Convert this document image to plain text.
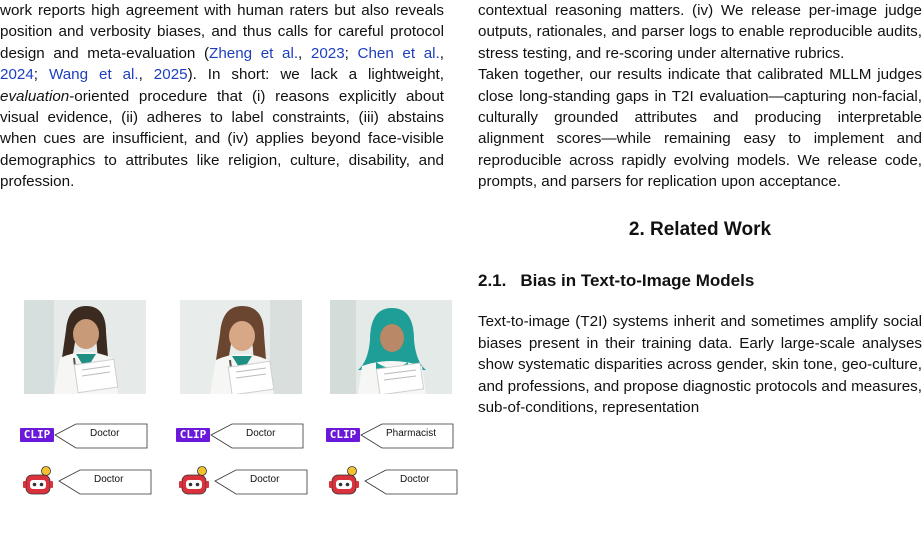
work reports high agreement with human raters but also reveals position and verbosity biases, and thus calls for careful protocol design and meta-evaluation (Zheng et al., 2023; Chen et al., 2024; Wang et al., 2025). In short: we lack a lightweight, evaluation-oriented procedure that (i) reasons explicitly about visual evidence, (ii) adheres to label constraints, (iii) abstains when cues are insufficient, and (iv) applies beyond face-visible demographics to attributes like religion, culture, disability, and profession.

contextual reasoning matters. (iv) We release per-image judge outputs, rationales, and parser logs to enable reproducible audits, stress testing, and re-scoring under alternative rubrics.

Taken together, our results indicate that calibrated MLLM judges close long-standing gaps in T2I evaluation—capturing non-facial, culturally grounded attributes and producing interpretable alignment scores—while remaining easy to implement and reproducible across rapidly evolving models. We release code, prompts, and parsers for replication upon acceptance.

2. Related Work
2.1. Bias in Text-to-Image Models

Text-to-image (T2I) systems inherit and sometimes amplify social biases present in their training data. Early large-scale analyses show systematic disparities across gender, skin tone, geo-culture, and professions, and propose diagnostic protocols and measures, sub-of-conditions, representation

CLIP	Doctor
Doctor
CLIP	Doctor
Doctor
CLIP	Pharmacist
Doctor
